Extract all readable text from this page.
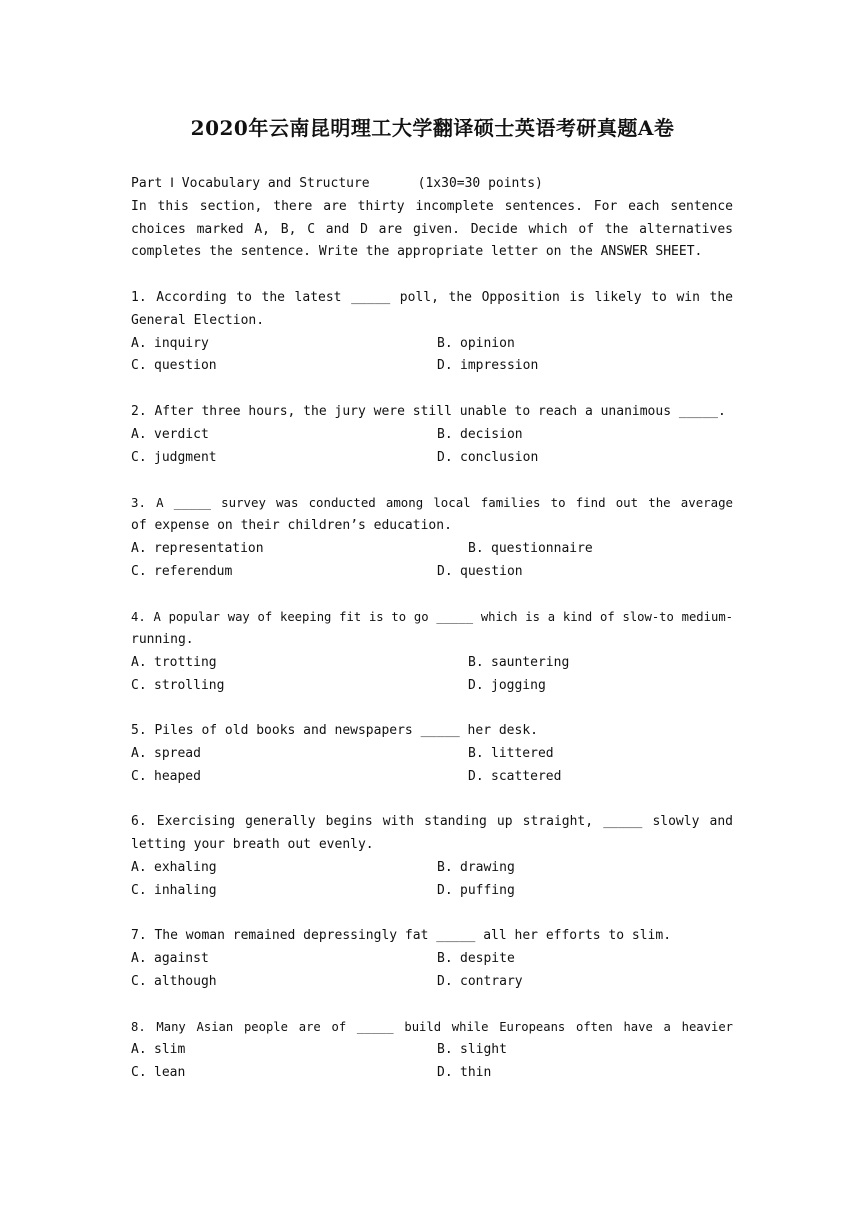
2020年云南昆明理工大学翻译硕士英语考研真题A卷
Part Ⅰ Vocabulary and Structure	(1x30=30 points)
In this section, there are thirty incomplete sentences. For each sentence
choices marked A, B, C and D are given. Decide which of the alternatives
completes the sentence. Write the appropriate letter on the ANSWER SHEET.
1. According to the latest _____ poll, the Opposition is likely to win the
General Election.
A. inquiry	B. opinion
C. question	D. impression
2. After three hours, the jury were still unable to reach a unanimous _____.
A. verdict	B. decision
C. judgment	D. conclusion
3. A _____ survey was conducted among local families to find out the average
of expense on their children’s education.
A. representation	B. questionnaire
C. referendum	D. question
4. A popular way of keeping fit is to go _____ which is a kind of slow-to medium-
running.
A. trotting	B. sauntering
C. strolling	D. jogging
5. Piles of old books and newspapers _____ her desk.
A. spread	B. littered
C. heaped	D. scattered
6. Exercising generally begins with standing up straight, _____ slowly and
letting your breath out evenly.
A. exhaling	B. drawing
C. inhaling	D. puffing
7. The woman remained depressingly fat _____ all her efforts to slim.
A. against	B. despite
C. although	D. contrary
8. Many Asian people are of _____ build while Europeans often have a heavier
A. slim	B. slight
C. lean	D. thin
